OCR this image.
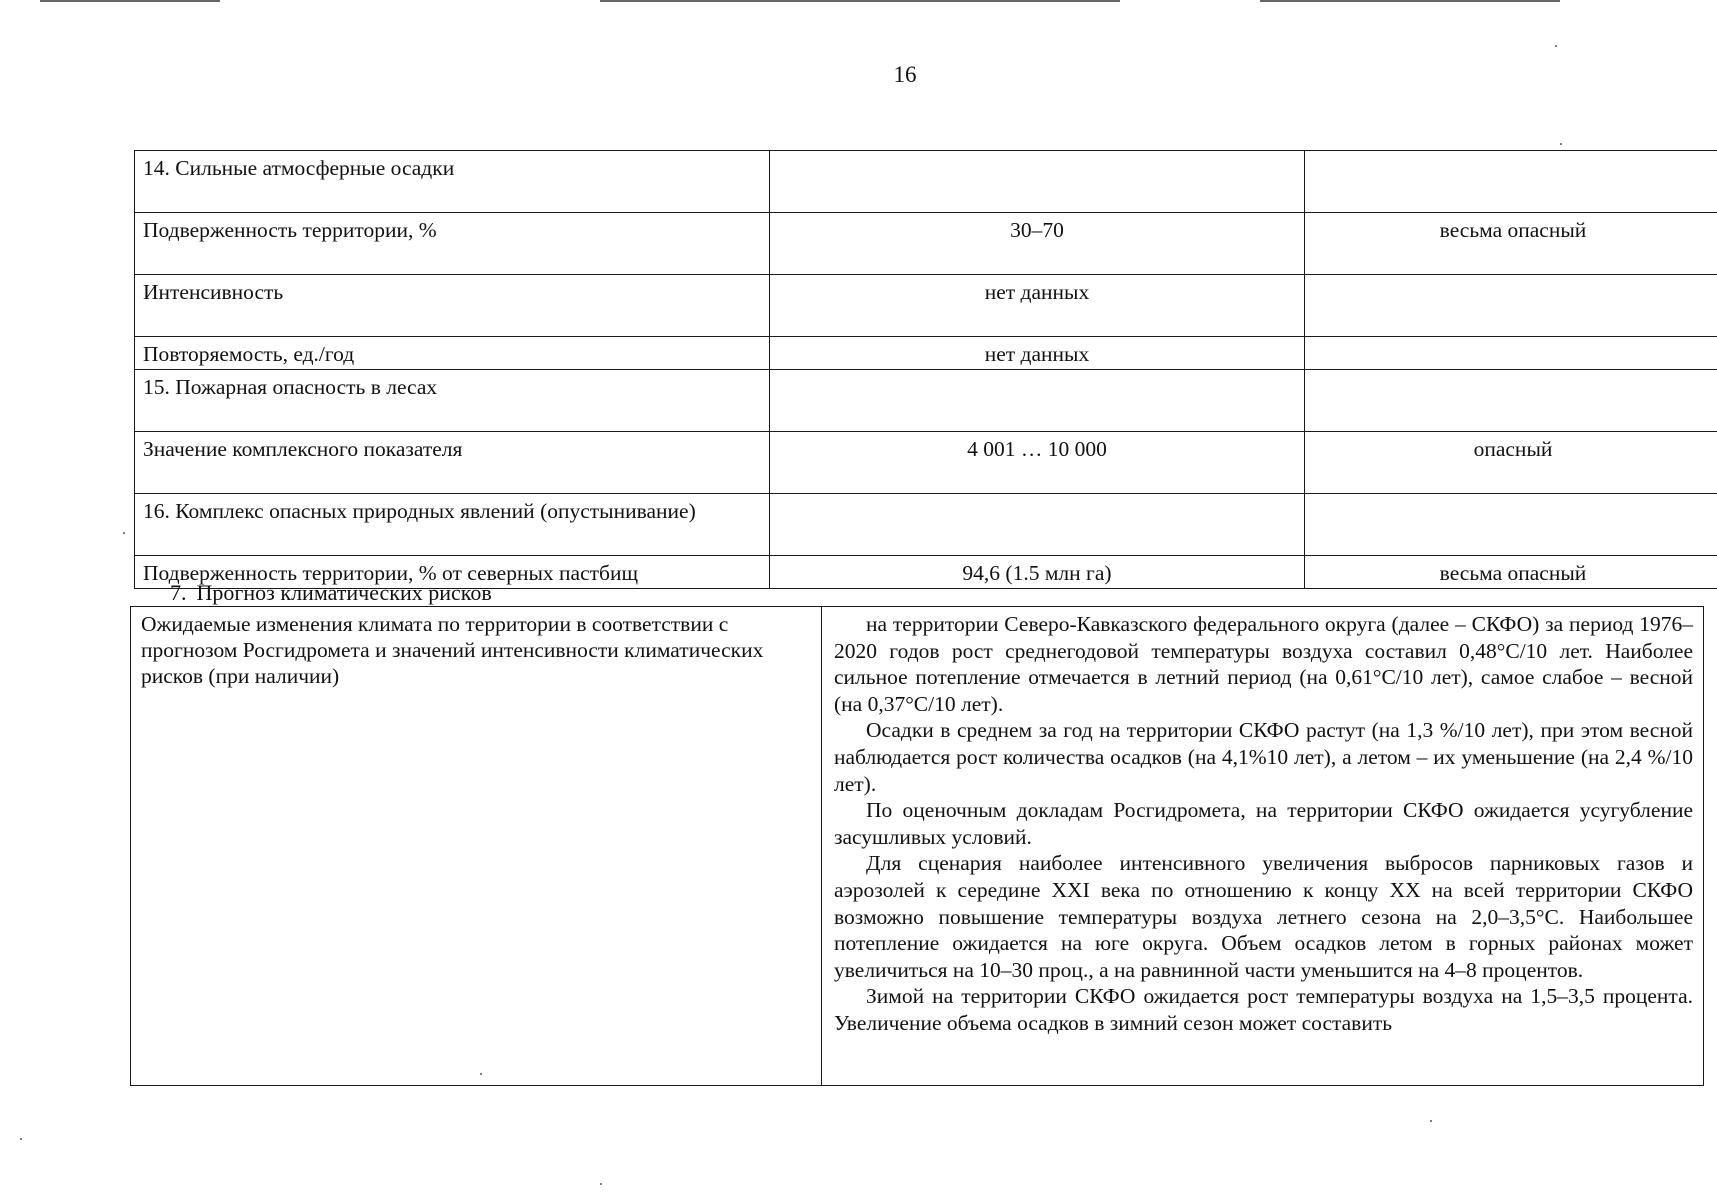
16
14. Сильные атмосферные осадки		
Подверженность территории, %	30–70	весьма опасный
Интенсивность	нет данных	
Повторяемость, ед./год	нет данных	
15. Пожарная опасность в лесах		
Значение комплексного показателя	4 001 … 10 000	опасный
16. Комплекс опасных природных явлений (опустынивание)		
Подверженность территории, % от северных пастбищ	94,6 (1.5 млн га)	весьма опасный
7. Прогноз климатических рисков
Ожидаемые изменения климата по территории в соответствии с прогнозом Росгидромета и значений интенсивности климатических рисков (при наличии)	

на территории Северо-Кавказского федерального округа (далее – СКФО) за период 1976–2020 годов рост среднегодовой температуры воздуха составил 0,48°С/10 лет. Наиболее сильное потепление отмечается в летний период (на 0,61°С/10 лет), самое слабое – весной (на 0,37°С/10 лет).

Осадки в среднем за год на территории СКФО растут (на 1,3 %/10 лет), при этом весной наблюдается рост количества осадков (на 4,1%10 лет), а летом – их уменьшение (на 2,4 %/10 лет).

По оценочным докладам Росгидромета, на территории СКФО ожидается усугубление засушливых условий.

Для сценария наиболее интенсивного увеличения выбросов парниковых газов и аэрозолей к середине XXI века по отношению к концу XX на всей территории СКФО возможно повышение температуры воздуха летнего сезона на 2,0–3,5°С. Наибольшее потепление ожидается на юге округа. Объем осадков летом в горных районах может увеличиться на 10–30 проц., а на равнинной части уменьшится на 4–8 процентов.

Зимой на территории СКФО ожидается рост температуры воздуха на 1,5–3,5 процента. Увеличение объема осадков в зимний сезон может составить
